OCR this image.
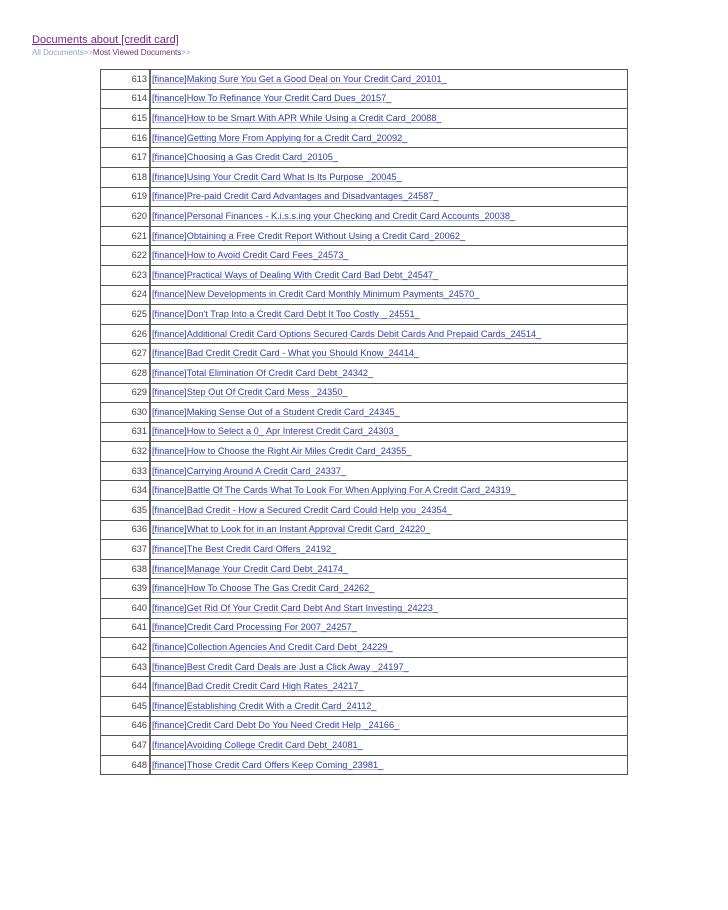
Documents about [credit card]
All Documents>>Most Viewed Documents>>
613	[finance]Making Sure You Get a Good Deal on Your Credit Card_20101_
614	[finance]How To Refinance Your Credit Card Dues_20157_
615	[finance]How to be Smart With APR While Using a Credit Card_20088_
616	[finance]Getting More From Applying for a Credit Card_20092_
617	[finance]Choosing a Gas Credit Card_20105_
618	[finance]Using Your Credit Card What Is Its Purpose _20045_
619	[finance]Pre-paid Credit Card Advantages and Disadvantages_24587_
620	[finance]Personal Finances - K.i.s.s.ing your Checking and Credit Card Accounts_20038_
621	[finance]Obtaining a Free Credit Report Without Using a Credit Card_20062_
622	[finance]How to Avoid Credit Card Fees_24573_
623	[finance]Practical Ways of Dealing With Credit Card Bad Debt_24547_
624	[finance]New Developments in Credit Card Monthly Minimum Payments_24570_
625	[finance]Don't Trap Into a Credit Card Debt It Too Costly _ 24551_
626	[finance]Additional Credit Card Options Secured Cards Debit Cards And Prepaid Cards_24514_
627	[finance]Bad Credit Credit Card - What you Should Know_24414_
628	[finance]Total Elimination Of Credit Card Debt_24342_
629	[finance]Step Out Of Credit Card Mess _24350_
630	[finance]Making Sense Out of a Student Credit Card_24345_
631	[finance]How to Select a 0_ Apr Interest Credit Card_24303_
632	[finance]How to Choose the Right Air Miles Credit Card_24355_
633	[finance]Carrying Around A Credit Card_24337_
634	[finance]Battle Of The Cards What To Look For When Applying For A Credit Card_24319_
635	[finance]Bad Credit - How a Secured Credit Card Could Help you_24354_
636	[finance]What to Look for in an Instant Approval Credit Card_24220_
637	[finance]The Best Credit Card Offers_24192_
638	[finance]Manage Your Credit Card Debt_24174_
639	[finance]How To Choose The Gas Credit Card_24262_
640	[finance]Get Rid Of Your Credit Card Debt And Start Investing_24223_
641	[finance]Credit Card Processing For 2007_24257_
642	[finance]Collection Agencies And Credit Card Debt_24229_
643	[finance]Best Credit Card Deals are Just a Click Away _24197_
644	[finance]Bad Credit Credit Card High Rates_24217_
645	[finance]Establishing Credit With a Credit Card_24112_
646	[finance]Credit Card Debt Do You Need Credit Help _24166_
647	[finance]Avoiding College Credit Card Debt_24081_
648	[finance]Those Credit Card Offers Keep Coming_23981_
